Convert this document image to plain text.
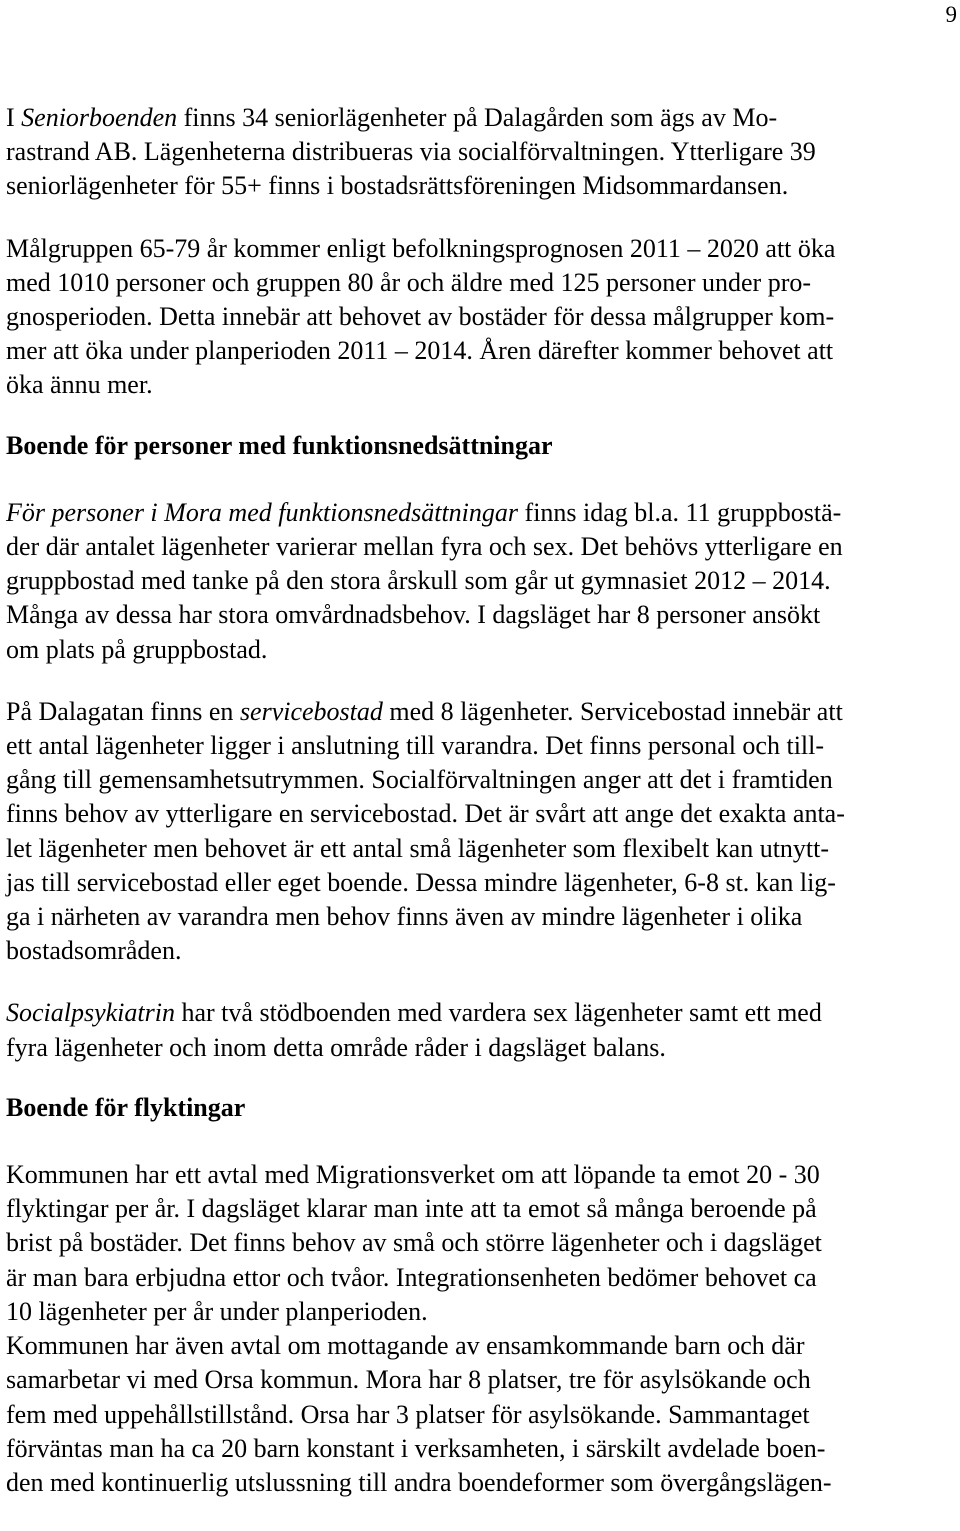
9
I Seniorboenden finns 34 seniorlägenheter på Dalagården som ägs av Mo-
rastrand AB. Lägenheterna distribueras via socialförvaltningen. Ytterligare 39
seniorlägenheter för 55+ finns i bostadsrättsföreningen Midsommardansen.
Målgruppen 65-79 år kommer enligt befolkningsprognosen 2011 – 2020 att öka
med 1010 personer och gruppen 80 år och äldre med 125 personer under pro-
gnosperioden. Detta innebär att behovet av bostäder för dessa målgrupper kom-
mer att öka under planperioden 2011 – 2014. Åren därefter kommer behovet att
öka ännu mer.
Boende för personer med funktionsnedsättningar
För personer i Mora med funktionsnedsättningar finns idag bl.a. 11 gruppbostä-
der där antalet lägenheter varierar mellan fyra och sex. Det behövs ytterligare en
gruppbostad med tanke på den stora årskull som går ut gymnasiet 2012 – 2014.
Många av dessa har stora omvårdnadsbehov. I dagsläget har 8 personer ansökt
om plats på gruppbostad.
På Dalagatan finns en servicebostad med 8 lägenheter. Servicebostad innebär att
ett antal lägenheter ligger i anslutning till varandra. Det finns personal och till-
gång till gemensamhetsutrymmen. Socialförvaltningen anger att det i framtiden
finns behov av ytterligare en servicebostad. Det är svårt att ange det exakta anta-
let lägenheter men behovet är ett antal små lägenheter som flexibelt kan utnytt-
jas till servicebostad eller eget boende. Dessa mindre lägenheter, 6-8 st. kan lig-
ga i närheten av varandra men behov finns även av mindre lägenheter i olika
bostadsområden.
Socialpsykiatrin har två stödboenden med vardera sex lägenheter samt ett med
fyra lägenheter och inom detta område råder i dagsläget balans.
Boende för flyktingar
Kommunen har ett avtal med Migrationsverket om att löpande ta emot 20 - 30
flyktingar per år. I dagsläget klarar man inte att ta emot så många beroende på
brist på bostäder. Det finns behov av små och större lägenheter och i dagsläget
är man bara erbjudna ettor och tvåor. Integrationsenheten bedömer behovet ca
10 lägenheter per år under planperioden.
Kommunen har även avtal om mottagande av ensamkommande barn och där
samarbetar vi med Orsa kommun. Mora har 8 platser, tre för asylsökande och
fem med uppehållstillstånd. Orsa har 3 platser för asylsökande. Sammantaget
förväntas man ha ca 20 barn konstant i verksamheten, i särskilt avdelade boen-
den med kontinuerlig utslussning till andra boendeformer som övergångslägen-
